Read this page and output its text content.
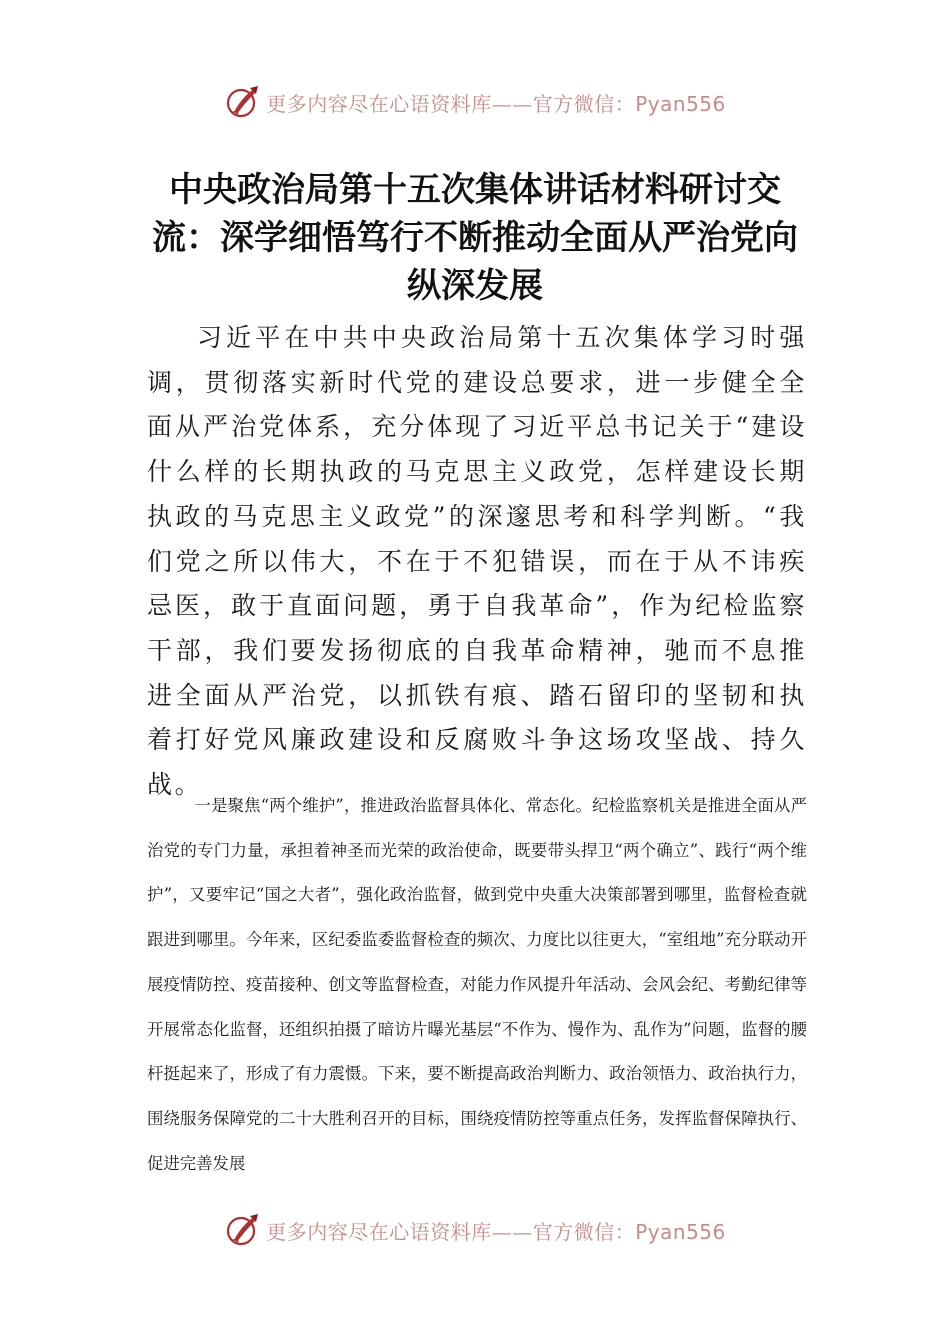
更多内容尽在心语资料库——官方微信：Pyan556
中央政治局第十五次集体讲话材料研讨交流：深学细悟笃行不断推动全面从严治党向纵深发展

习近平在中共中央政治局第十五次集体学习时强调，贯彻落实新时代党的建设总要求，进一步健全全面从严治党体系，充分体现了习近平总书记关于“建设什么样的长期执政的马克思主义政党，怎样建设长期执政的马克思主义政党”的深邃思考和科学判断。“我们党之所以伟大，不在于不犯错误，而在于从不讳疾忌医，敢于直面问题，勇于自我革命”，作为纪检监察干部，我们要发扬彻底的自我革命精神，驰而不息推进全面从严治党，以抓铁有痕、踏石留印的坚韧和执着打好党风廉政建设和反腐败斗争这场攻坚战、持久战。

一是聚焦“两个维护”，推进政治监督具体化、常态化。纪检监察机关是推进全面从严治党的专门力量，承担着神圣而光荣的政治使命，既要带头捍卫“两个确立”、践行“两个维护”，又要牢记“国之大者”，强化政治监督，做到党中央重大决策部署到哪里，监督检查就跟进到哪里。今年来，区纪委监委监督检查的频次、力度比以往更大，“室组地”充分联动开展疫情防控、疫苗接种、创文等监督检查，对能力作风提升年活动、会风会纪、考勤纪律等开展常态化监督，还组织拍摄了暗访片曝光基层“不作为、慢作为、乱作为”问题，监督的腰杆挺起来了，形成了有力震慑。下来，要不断提高政治判断力、政治领悟力、政治执行力，围绕服务保障党的二十大胜利召开的目标，围绕疫情防控等重点任务，发挥监督保障执行、促进完善发展

更多内容尽在心语资料库——官方微信：Pyan556
